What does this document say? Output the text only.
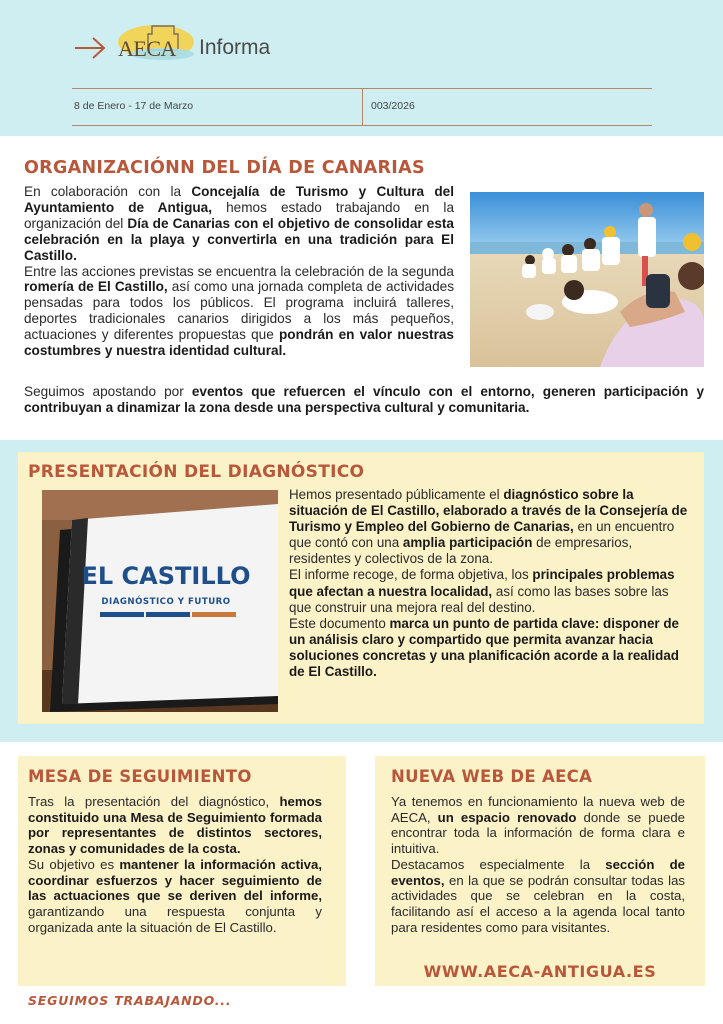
AECA Informa
8 de Enero - 17 de Marzo	003/2026
ORGANIZACIÓNN DEL DÍA DE CANARIAS

En colaboración con la Concejalía de Turismo y Cultura del Ayuntamiento de Antigua, hemos estado trabajando en la organización del Día de Canarias con el objetivo de consolidar esta celebración en la playa y convertirla en una tradición para El Castillo.

Entre las acciones previstas se encuentra la celebración de la segunda romería de El Castillo, así como una jornada completa de actividades pensadas para todos los públicos. El programa incluirá talleres, deportes tradicionales canarios dirigidos a los más pequeños, actuaciones y diferentes propuestas que pondrán en valor nuestras costumbres y nuestra identidad cultural.

Seguimos apostando por eventos que refuercen el vínculo con el entorno, generen participación y contribuyan a dinamizar la zona desde una perspectiva cultural y comunitaria.

PRESENTACIÓN DEL DIAGNÓSTICO
EL CASTILLO
DIAGNÓSTICO Y FUTURO

Hemos presentado públicamente el diagnóstico sobre la situación de El Castillo, elaborado a través de la Consejería de Turismo y Empleo del Gobierno de Canarias, en un encuentro que contó con una amplia participación de empresarios, residentes y colectivos de la zona.

El informe recoge, de forma objetiva, los principales problemas que afectan a nuestra localidad, así como las bases sobre las que construir una mejora real del destino.

Este documento marca un punto de partida clave: disponer de un análisis claro y compartido que permita avanzar hacia soluciones concretas y una planificación acorde a la realidad de El Castillo.

MESA DE SEGUIMIENTO

Tras la presentación del diagnóstico, hemos constituido una Mesa de Seguimiento formada por representantes de distintos sectores, zonas y comunidades de la costa.

Su objetivo es mantener la información activa, coordinar esfuerzos y hacer seguimiento de las actuaciones que se deriven del informe, garantizando una respuesta conjunta y organizada ante la situación de El Castillo.

NUEVA WEB DE AECA

Ya tenemos en funcionamiento la nueva web de AECA, un espacio renovado donde se puede encontrar toda la información de forma clara e intuitiva.

Destacamos especialmente la sección de eventos, en la que se podrán consultar todas las actividades que se celebran en la costa, facilitando así el acceso a la agenda local tanto para residentes como para visitantes.

WWW.AECA-ANTIGUA.ES
SEGUIMOS TRABAJANDO...
